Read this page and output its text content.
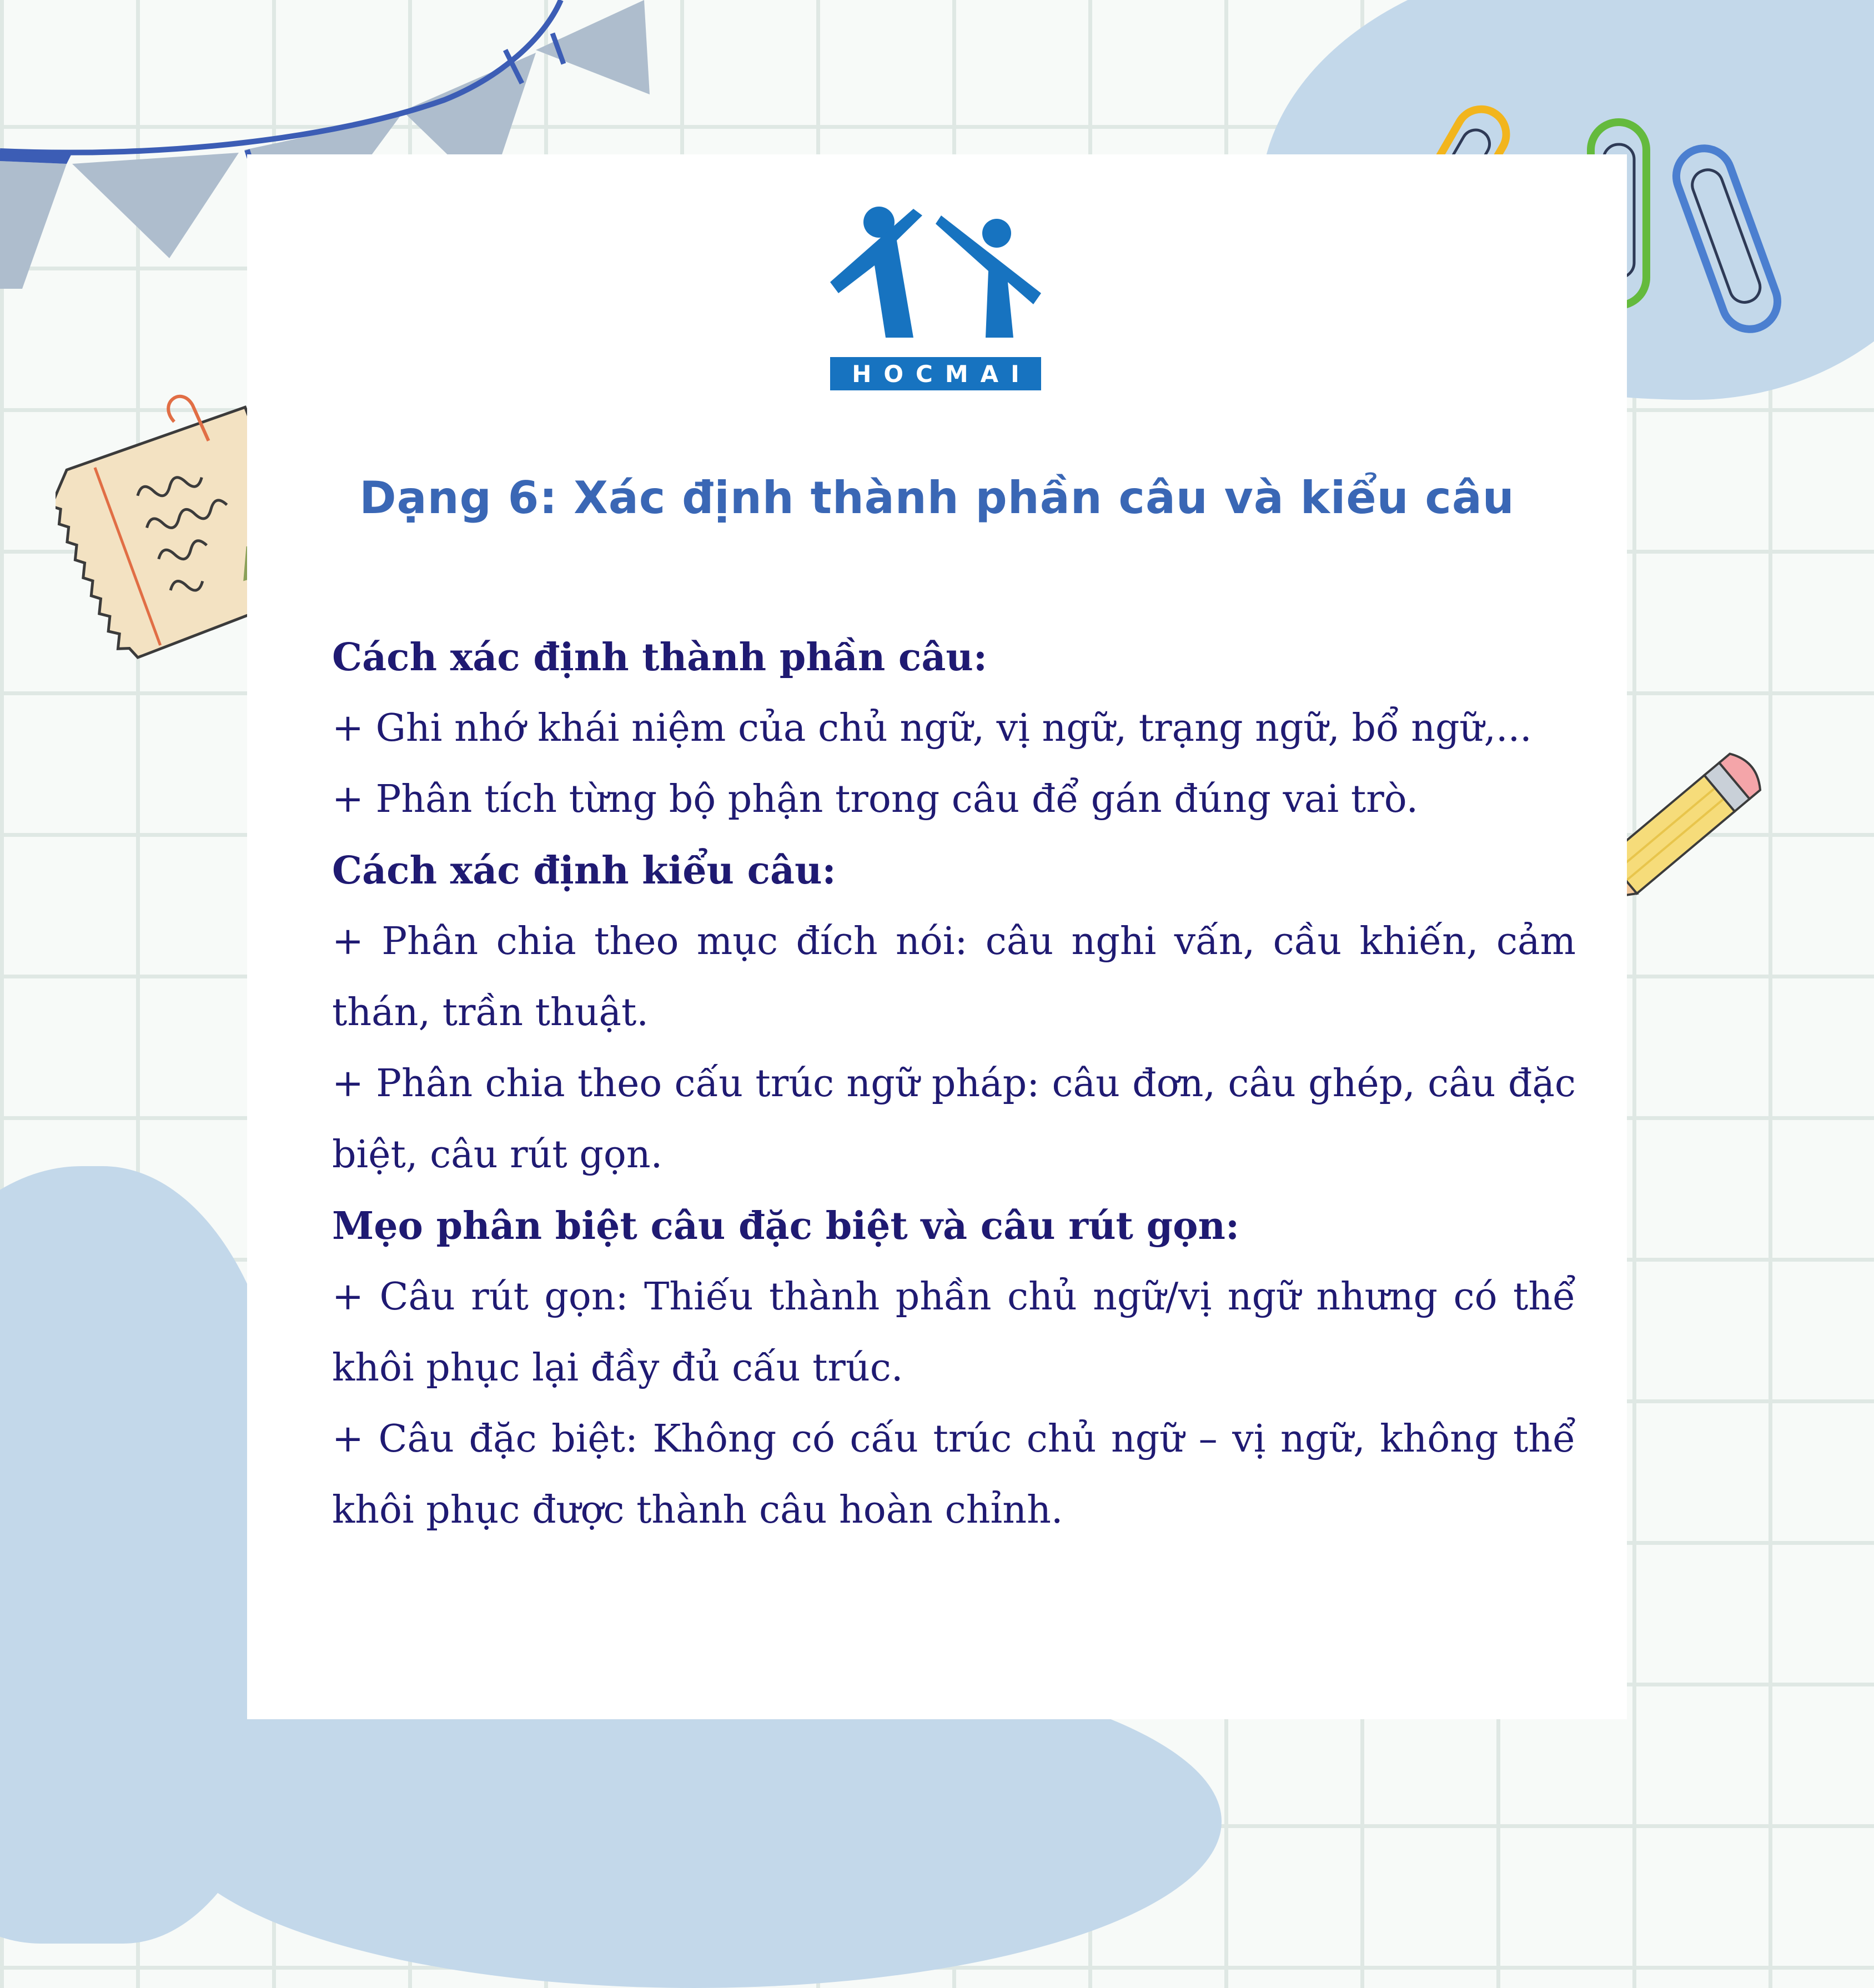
HOCMAI
Dạng 6: Xác định thành phần câu và kiểu câu

Cách xác định thành phần câu:

+ Ghi nhớ khái niệm của chủ ngữ, vị ngữ, trạng ngữ, bổ ngữ,...

+ Phân tích từng bộ phận trong câu để gán đúng vai trò.

Cách xác định kiểu câu:

+ Phân chia theo mục đích nói: câu nghi vấn, cầu khiến, cảm thán, trần thuật.

+ Phân chia theo cấu trúc ngữ pháp: câu đơn, câu ghép, câu đặc biệt, câu rút gọn.

Mẹo phân biệt câu đặc biệt và câu rút gọn:

+ Câu rút gọn: Thiếu thành phần chủ ngữ/vị ngữ nhưng có thể khôi phục lại đầy đủ cấu trúc.

+ Câu đặc biệt: Không có cấu trúc chủ ngữ – vị ngữ, không thể khôi phục được thành câu hoàn chỉnh.
